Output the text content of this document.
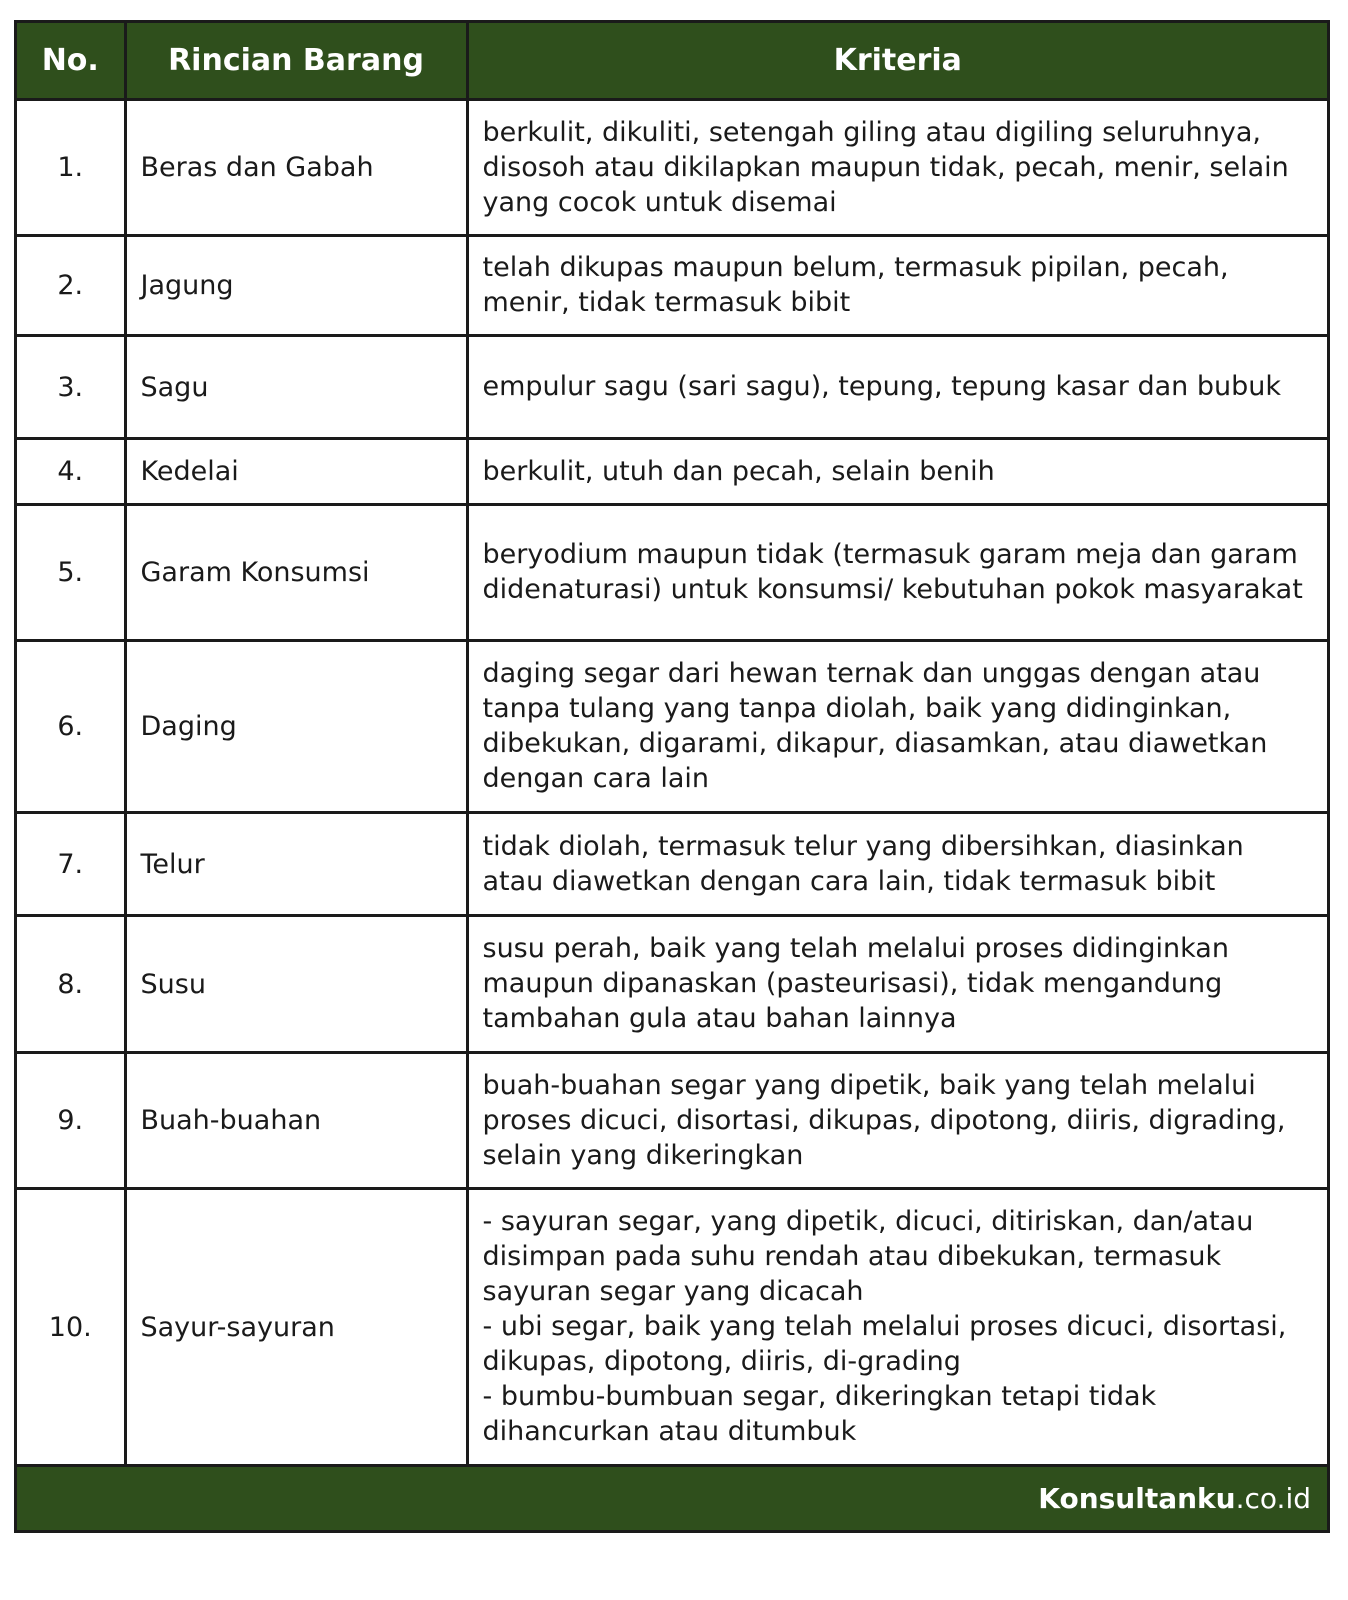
No.	Rincian Barang	Kriteria
1.	Beras dan Gabah	berkulit, dikuliti, setengah giling atau digiling seluruhnya, disosoh atau dikilapkan maupun tidak, pecah, menir, selain yang cocok untuk disemai
2.	Jagung	telah dikupas maupun belum, termasuk pipilan, pecah, menir, tidak termasuk bibit
3.	Sagu	empulur sagu (sari sagu), tepung, tepung kasar dan bubuk
4.	Kedelai	berkulit, utuh dan pecah, selain benih
5.	Garam Konsumsi	beryodium maupun tidak (termasuk garam meja dan garam didenaturasi) untuk konsumsi/ kebutuhan pokok masyarakat
6.	Daging	daging segar dari hewan ternak dan unggas dengan atau tanpa tulang yang tanpa diolah, baik yang didinginkan, dibekukan, digarami, dikapur, diasamkan, atau diawetkan dengan cara lain
7.	Telur	tidak diolah, termasuk telur yang dibersihkan, diasinkan atau diawetkan dengan cara lain, tidak termasuk bibit
8.	Susu	susu perah, baik yang telah melalui proses didinginkan maupun dipanaskan (pasteurisasi), tidak mengandung tambahan gula atau bahan lainnya
9.	Buah-buahan	buah-buahan segar yang dipetik, baik yang telah melalui proses dicuci, disortasi, dikupas, dipotong, diiris, digrading, selain yang dikeringkan
10.	Sayur-sayuran	- sayuran segar, yang dipetik, dicuci, ditiriskan, dan/atau disimpan pada suhu rendah atau dibekukan, termasuk sayuran segar yang dicacah
- ubi segar, baik yang telah melalui proses dicuci, disortasi, dikupas, dipotong, diiris, di-grading
- bumbu-bumbuan segar, dikeringkan tetapi tidak dihancurkan atau ditumbuk
Konsultanku.co.id
